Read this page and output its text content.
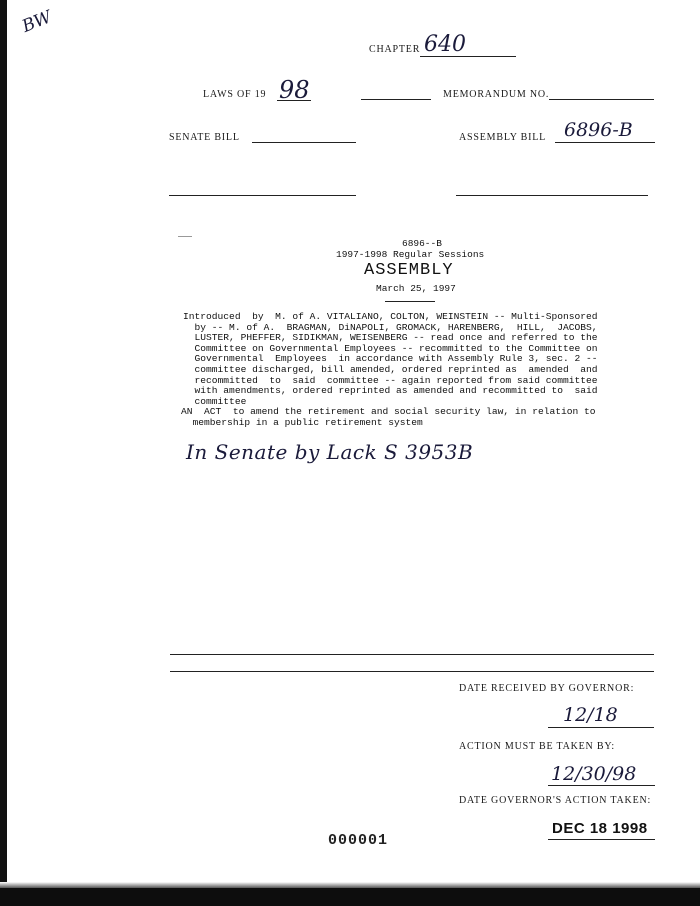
BW
CHAPTER 640
LAWS OF 19 98	MEMORANDUM NO.
SENATE BILL	ASSEMBLY BILL 6896-B
6896--B
1997-1998 Regular Sessions
ASSEMBLY
March 25, 1997
Introduced  by  M. of A. VITALIANO, COLTON, WEINSTEIN -- Multi-Sponsored
by -- M. of A.  BRAGMAN, DiNAPOLI, GROMACK, HARENBERG,  HILL,  JACOBS,
LUSTER, PHEFFER, SIDIKMAN, WEISENBERG -- read once and referred to the
Committee on Governmental Employees -- recommitted to the Committee on
Governmental  Employees  in accordance with Assembly Rule 3, sec. 2 --
committee discharged, bill amended, ordered reprinted as  amended  and
recommitted  to  said  committee -- again reported from said committee
with amendments, ordered reprinted as amended and recommitted to  said
committee
AN  ACT  to amend the retirement and social security law, in relation to
membership in a public retirement system
In Senate by Lack S 3953B
DATE RECEIVED BY GOVERNOR:
12/18
ACTION MUST BE TAKEN BY:
12/30/98
DATE GOVERNOR'S ACTION TAKEN:
DEC 18 1998
000001
